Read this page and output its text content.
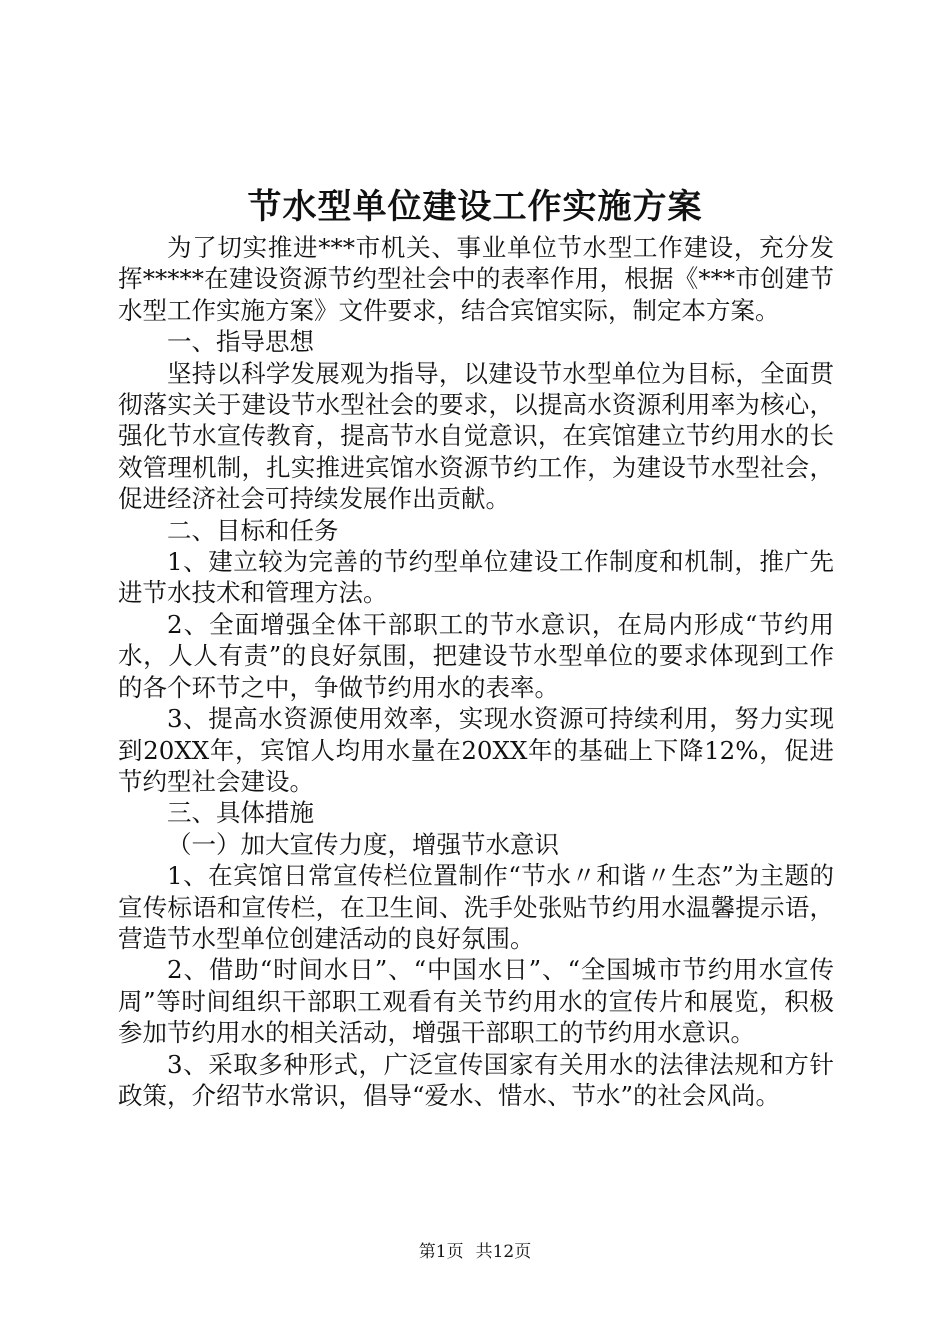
节水型单位建设工作实施方案

为了切实推进***市机关、事业单位节水型工作建设，充分发挥*****在建设资源节约型社会中的表率作用，根据《***市创建节水型工作实施方案》文件要求，结合宾馆实际，制定本方案。

一、指导思想

坚持以科学发展观为指导，以建设节水型单位为目标，全面贯彻落实关于建设节水型社会的要求，以提高水资源利用率为核心，强化节水宣传教育，提高节水自觉意识，在宾馆建立节约用水的长效管理机制，扎实推进宾馆水资源节约工作，为建设节水型社会，促进经济社会可持续发展作出贡献。

二、目标和任务

1、建立较为完善的节约型单位建设工作制度和机制，推广先进节水技术和管理方法。

2、全面增强全体干部职工的节水意识，在局内形成“节约用水，人人有责”的良好氛围，把建设节水型单位的要求体现到工作的各个环节之中，争做节约用水的表率。

3、提高水资源使用效率，实现水资源可持续利用，努力实现到20XX年，宾馆人均用水量在20XX年的基础上下降12%，促进节约型社会建设。

三、具体措施

（一）加大宣传力度，增强节水意识

1、在宾馆日常宣传栏位置制作“节水〃和谐〃生态”为主题的宣传标语和宣传栏，在卫生间、洗手处张贴节约用水温馨提示语，营造节水型单位创建活动的良好氛围。

2、借助“时间水日”、“中国水日”、“全国城市节约用水宣传周”等时间组织干部职工观看有关节约用水的宣传片和展览，积极参加节约用水的相关活动，增强干部职工的节约用水意识。

3、采取多种形式，广泛宣传国家有关用水的法律法规和方针政策，介绍节水常识，倡导“爱水、惜水、节水”的社会风尚。

第1页 共12页
